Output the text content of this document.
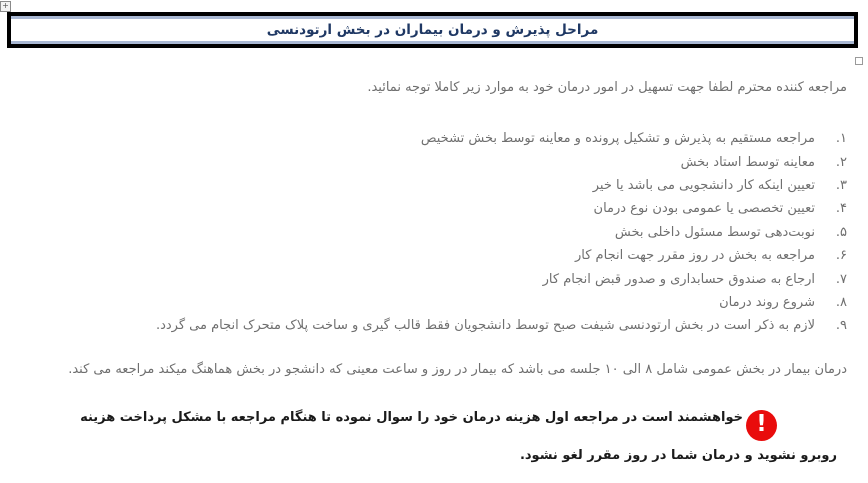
+
مراحل پذیرش و درمان بیماران در بخش ارتودنسی

مراجعه کننده محترم لطفا جهت تسهیل در امور درمان خود به موارد زیر کاملا توجه نمائید.

۱.
مراجعه مستقیم به پذیرش و تشکیل پرونده و معاینه توسط بخش تشخیص
۲.
معاینه توسط استاد بخش
۳.
تعیین اینکه کار دانشجویی می باشد یا خیر
۴.
تعیین تخصصی یا عمومی بودن نوع درمان
۵.
نوبت‌دهی توسط مسئول داخلی بخش
۶.
مراجعه به بخش در روز مقرر جهت انجام کار
۷.
ارجاع به صندوق حسابداری و صدور قبض انجام کار
۸.
شروع روند درمان
۹.
لازم به ذکر است در بخش ارتودنسی شیفت صبح توسط دانشجویان فقط قالب گیری و ساخت پلاک متحرک انجام می گردد.

درمان بیمار در بخش عمومی شامل ۸ الی ۱۰ جلسه می باشد که بیمار در روز و ساعت معینی که دانشجو در بخش هماهنگ میکند مراجعه می کند.

!
خواهشمند است در مراجعه اول هزینه درمان خود را سوال نموده تا هنگام مراجعه با مشکل پرداخت هزینه روبرو نشوید و درمان شما در روز مقرر لغو نشود.
